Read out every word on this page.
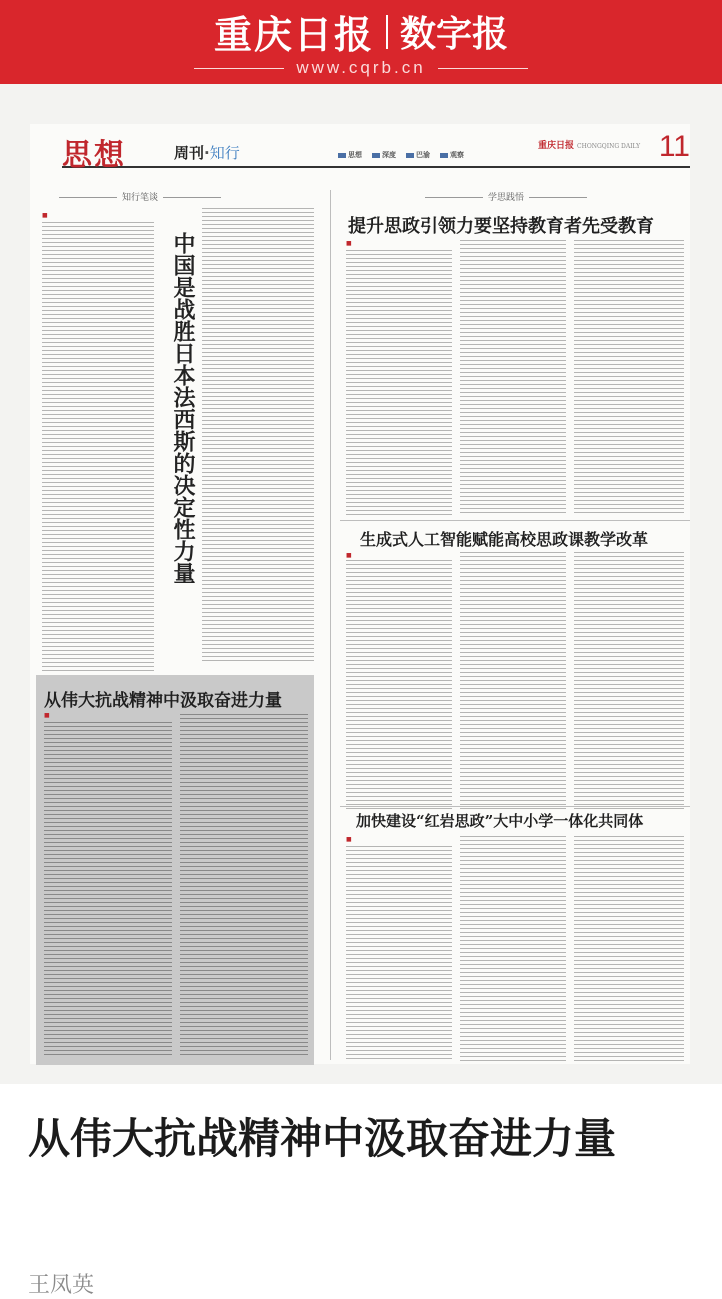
重庆日报 数字报
www.cqrb.cn
思想	周刊·知行	思想	深度	巴渝	观察
重庆日报 CHONGQING DAILY 11
知行笔谈	学思践悟
中国是战胜日本法西斯的决定性力量
■
提升思政引领力要坚持教育者先受教育
■
生成式人工智能赋能高校思政课教学改革
■
加快建设“红岩思政”大中小学一体化共同体
■
从伟大抗战精神中汲取奋进力量
■
从伟大抗战精神中汲取奋进力量
王凤英
